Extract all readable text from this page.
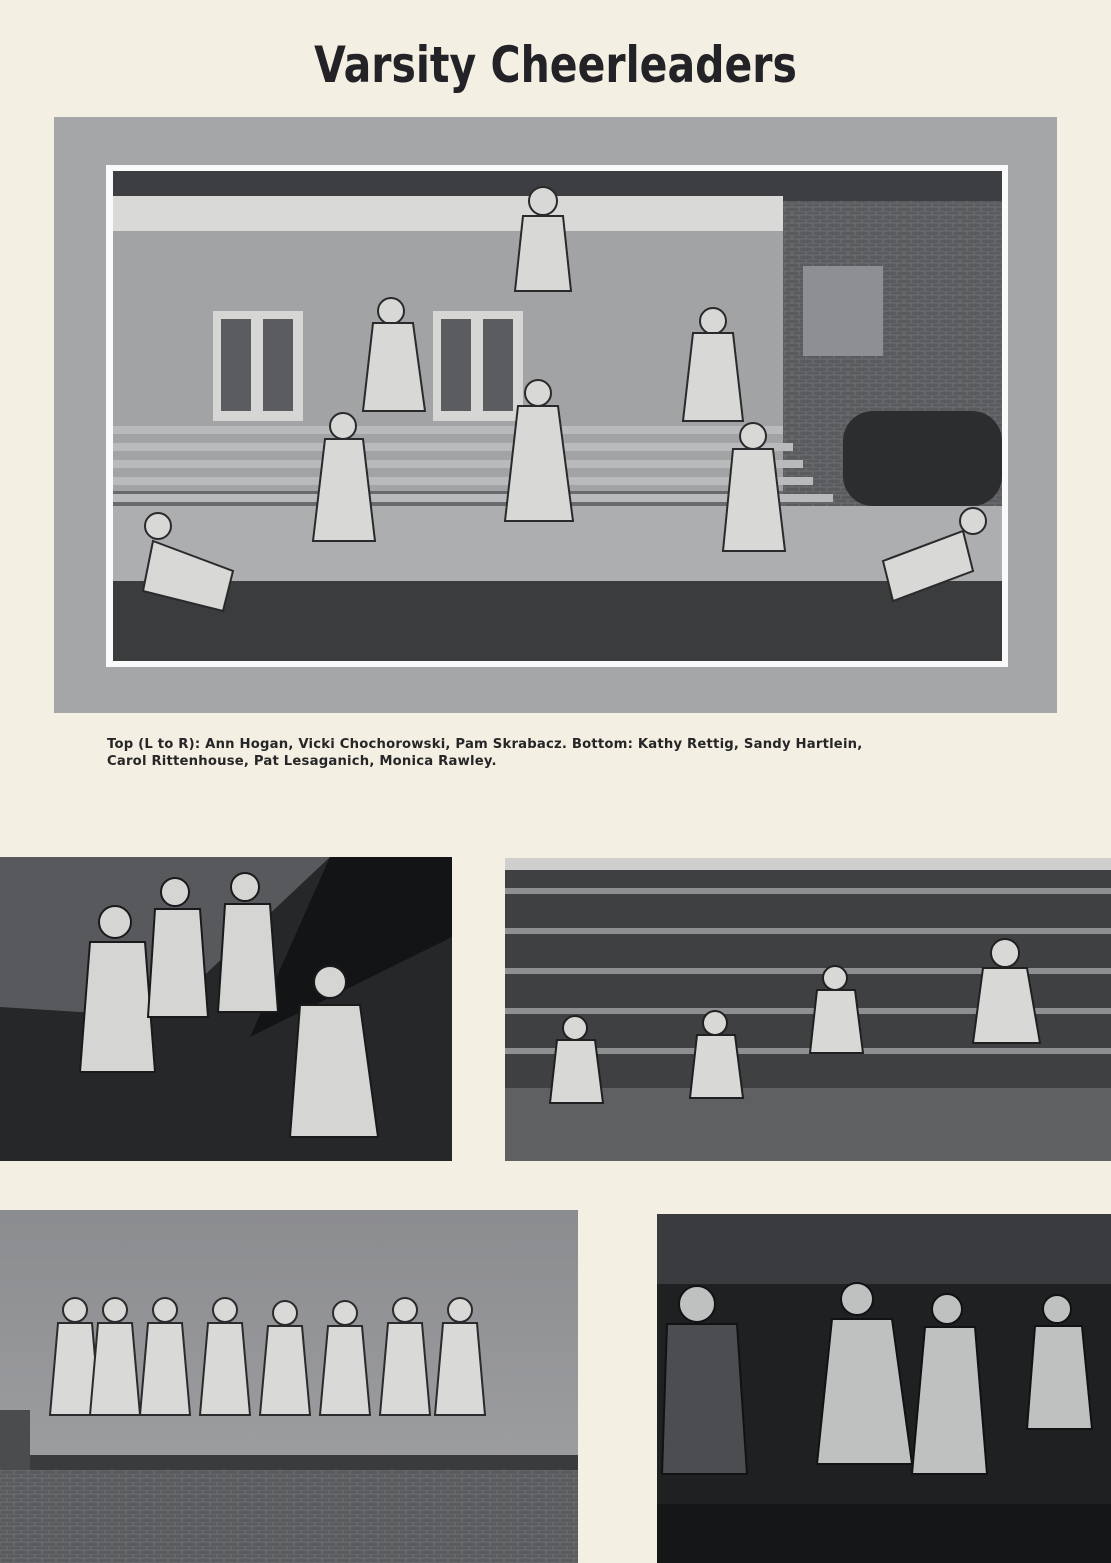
Varsity Cheerleaders
Top (L to R): Ann Hogan, Vicki Chochorowski, Pam Skrabacz. Bottom: Kathy Rettig, Sandy Hartlein,
Carol Rittenhouse, Pat Lesaganich, Monica Rawley.
